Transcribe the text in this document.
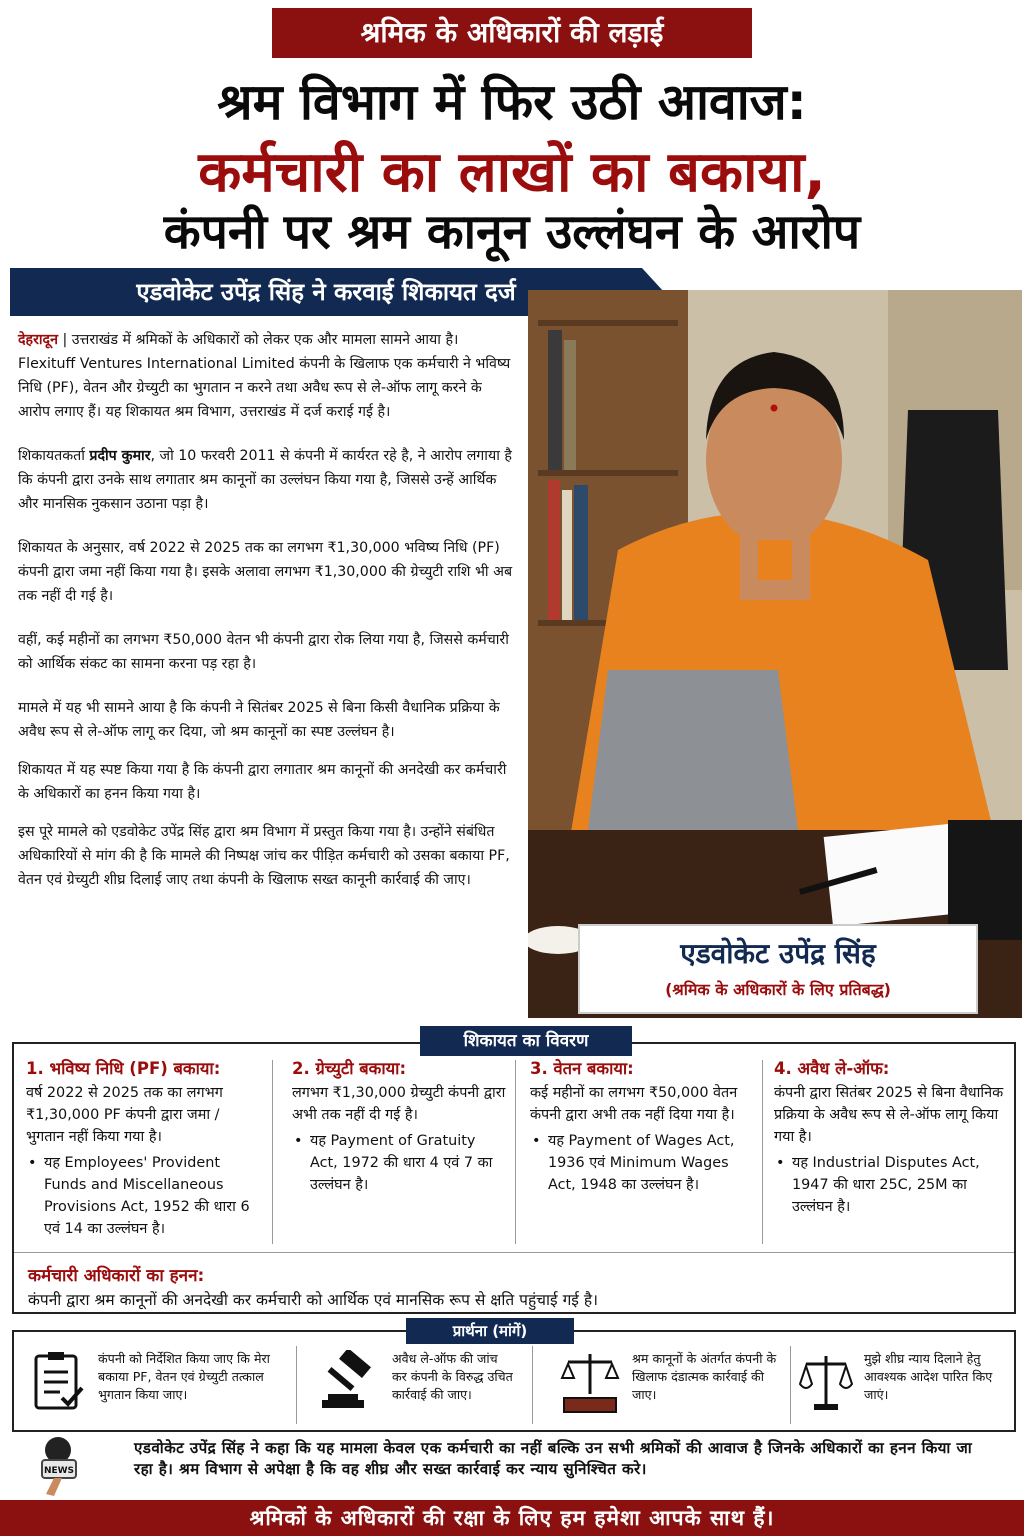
श्रमिक के अधिकारों की लड़ाई
श्रम विभाग में फिर उठी आवाज:
कर्मचारी का लाखों का बकाया,
कंपनी पर श्रम कानून उल्लंघन के आरोप
एडवोकेट उपेंद्र सिंह ने करवाई शिकायत दर्ज

देहरादून | उत्तराखंड में श्रमिकों के अधिकारों को लेकर एक और मामला सामने आया है। Flexituff Ventures International Limited कंपनी के खिलाफ एक कर्मचारी ने भविष्य निधि (PF), वेतन और ग्रेच्युटी का भुगतान न करने तथा अवैध रूप से ले-ऑफ लागू करने के आरोप लगाए हैं। यह शिकायत श्रम विभाग, उत्तराखंड में दर्ज कराई गई है।

शिकायतकर्ता प्रदीप कुमार, जो 10 फरवरी 2011 से कंपनी में कार्यरत रहे है, ने आरोप लगाया है कि कंपनी द्वारा उनके साथ लगातार श्रम कानूनों का उल्लंघन किया गया है, जिससे उन्हें आर्थिक और मानसिक नुकसान उठाना पड़ा है।

शिकायत के अनुसार, वर्ष 2022 से 2025 तक का लगभग ₹1,30,000 भविष्य निधि (PF) कंपनी द्वारा जमा नहीं किया गया है। इसके अलावा लगभग ₹1,30,000 की ग्रेच्युटी राशि भी अब तक नहीं दी गई है।

वहीं, कई महीनों का लगभग ₹50,000 वेतन भी कंपनी द्वारा रोक लिया गया है, जिससे कर्मचारी को आर्थिक संकट का सामना करना पड़ रहा है।

मामले में यह भी सामने आया है कि कंपनी ने सितंबर 2025 से बिना किसी वैधानिक प्रक्रिया के अवैध रूप से ले-ऑफ लागू कर दिया, जो श्रम कानूनों का स्पष्ट उल्लंघन है।

शिकायत में यह स्पष्ट किया गया है कि कंपनी द्वारा लगातार श्रम कानूनों की अनदेखी कर कर्मचारी के अधिकारों का हनन किया गया है।

इस पूरे मामले को एडवोकेट उपेंद्र सिंह द्वारा श्रम विभाग में प्रस्तुत किया गया है। उन्होंने संबंधित अधिकारियों से मांग की है कि मामले की निष्पक्ष जांच कर पीड़ित कर्मचारी को उसका बकाया PF, वेतन एवं ग्रेच्युटी शीघ्र दिलाई जाए तथा कंपनी के खिलाफ सख्त कानूनी कार्रवाई की जाए।

एडवोकेट उपेंद्र सिंह
(श्रमिक के अधिकारों के लिए प्रतिबद्ध)
शिकायत का विवरण
1. भविष्य निधि (PF) बकाया:
वर्ष 2022 से 2025 तक का लगभग ₹1,30,000 PF कंपनी द्वारा जमा / भुगतान नहीं किया गया है।
• यह Employees' Provident Funds and Miscellaneous Provisions Act, 1952 की धारा 6 एवं 14 का उल्लंघन है।
2. ग्रेच्युटी बकाया:
लगभग ₹1,30,000 ग्रेच्युटी कंपनी द्वारा अभी तक नहीं दी गई है।
• यह Payment of Gratuity Act, 1972 की धारा 4 एवं 7 का उल्लंघन है।
3. वेतन बकाया:
कई महीनों का लगभग ₹50,000 वेतन कंपनी द्वारा अभी तक नहीं दिया गया है।
• यह Payment of Wages Act, 1936 एवं Minimum Wages Act, 1948 का उल्लंघन है।
4. अवैध ले-ऑफ:
कंपनी द्वारा सितंबर 2025 से बिना वैधानिक प्रक्रिया के अवैध रूप से ले-ऑफ लागू किया गया है।
• यह Industrial Disputes Act, 1947 की धारा 25C, 25M का उल्लंघन है।
कर्मचारी अधिकारों का हनन:
कंपनी द्वारा श्रम कानूनों की अनदेखी कर कर्मचारी को आर्थिक एवं मानसिक रूप से क्षति पहुंचाई गई है।
प्रार्थना (मांगें)
कंपनी को निर्देशित किया जाए कि मेरा बकाया PF, वेतन एवं ग्रेच्युटी तत्काल भुगतान किया जाए।
अवैध ले-ऑफ की जांच कर कंपनी के विरुद्ध उचित कार्रवाई की जाए।
श्रम कानूनों के अंतर्गत कंपनी के खिलाफ दंडात्मक कार्रवाई की जाए।
मुझे शीघ्र न्याय दिलाने हेतु आवश्यक आदेश पारित किए जाएं।
NEWS
एडवोकेट उपेंद्र सिंह ने कहा कि यह मामला केवल एक कर्मचारी का नहीं बल्कि उन सभी श्रमिकों की आवाज है जिनके अधिकारों का हनन किया जा रहा है। श्रम विभाग से अपेक्षा है कि वह शीघ्र और सख्त कार्रवाई कर न्याय सुनिश्चित करे।
श्रमिकों के अधिकारों की रक्षा के लिए हम हमेशा आपके साथ हैं।
